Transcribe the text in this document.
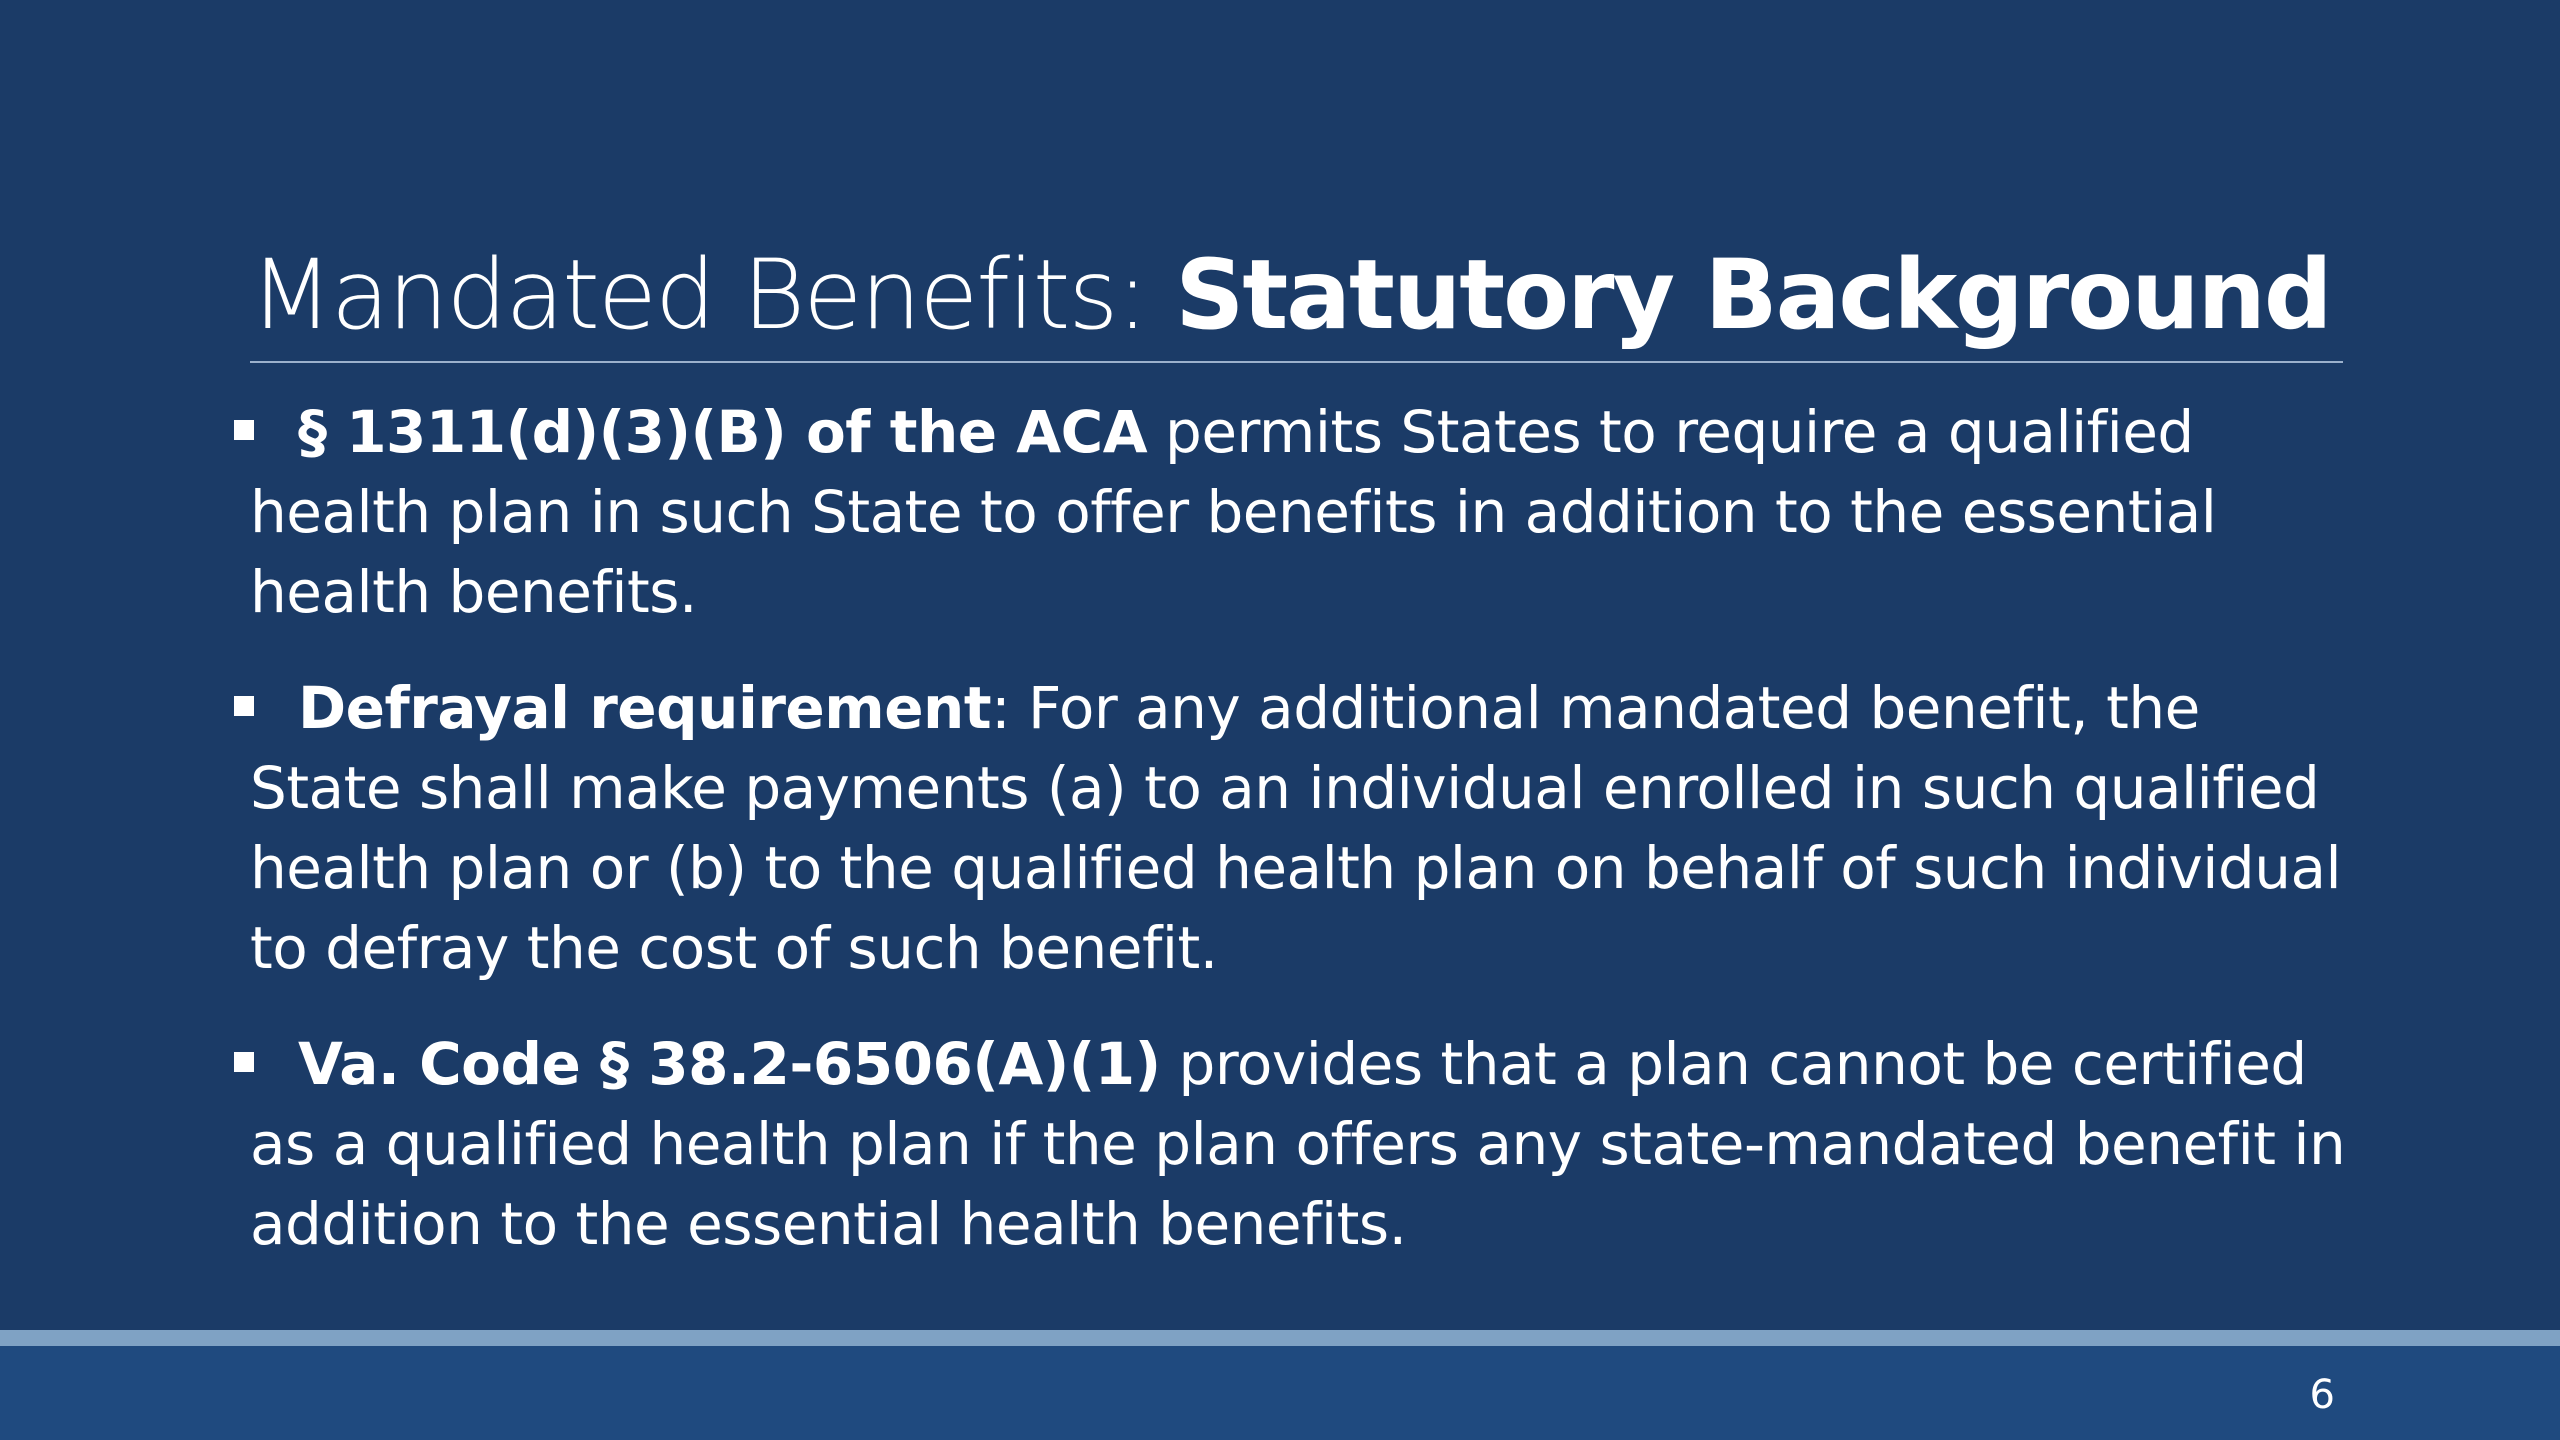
Mandated Benefits: Statutory Background

§ 1311(d)(3)(B) of the ACA permits States to require a qualified health plan in such State to offer benefits in addition to the essential health benefits.

Defrayal requirement: For any additional mandated benefit, the State shall make payments (a) to an individual enrolled in such qualified health plan or (b) to the qualified health plan on behalf of such individual to defray the cost of such benefit.

Va. Code § 38.2-6506(A)(1) provides that a plan cannot be certified as a qualified health plan if the plan offers any state-mandated benefit in addition to the essential health benefits.

6
